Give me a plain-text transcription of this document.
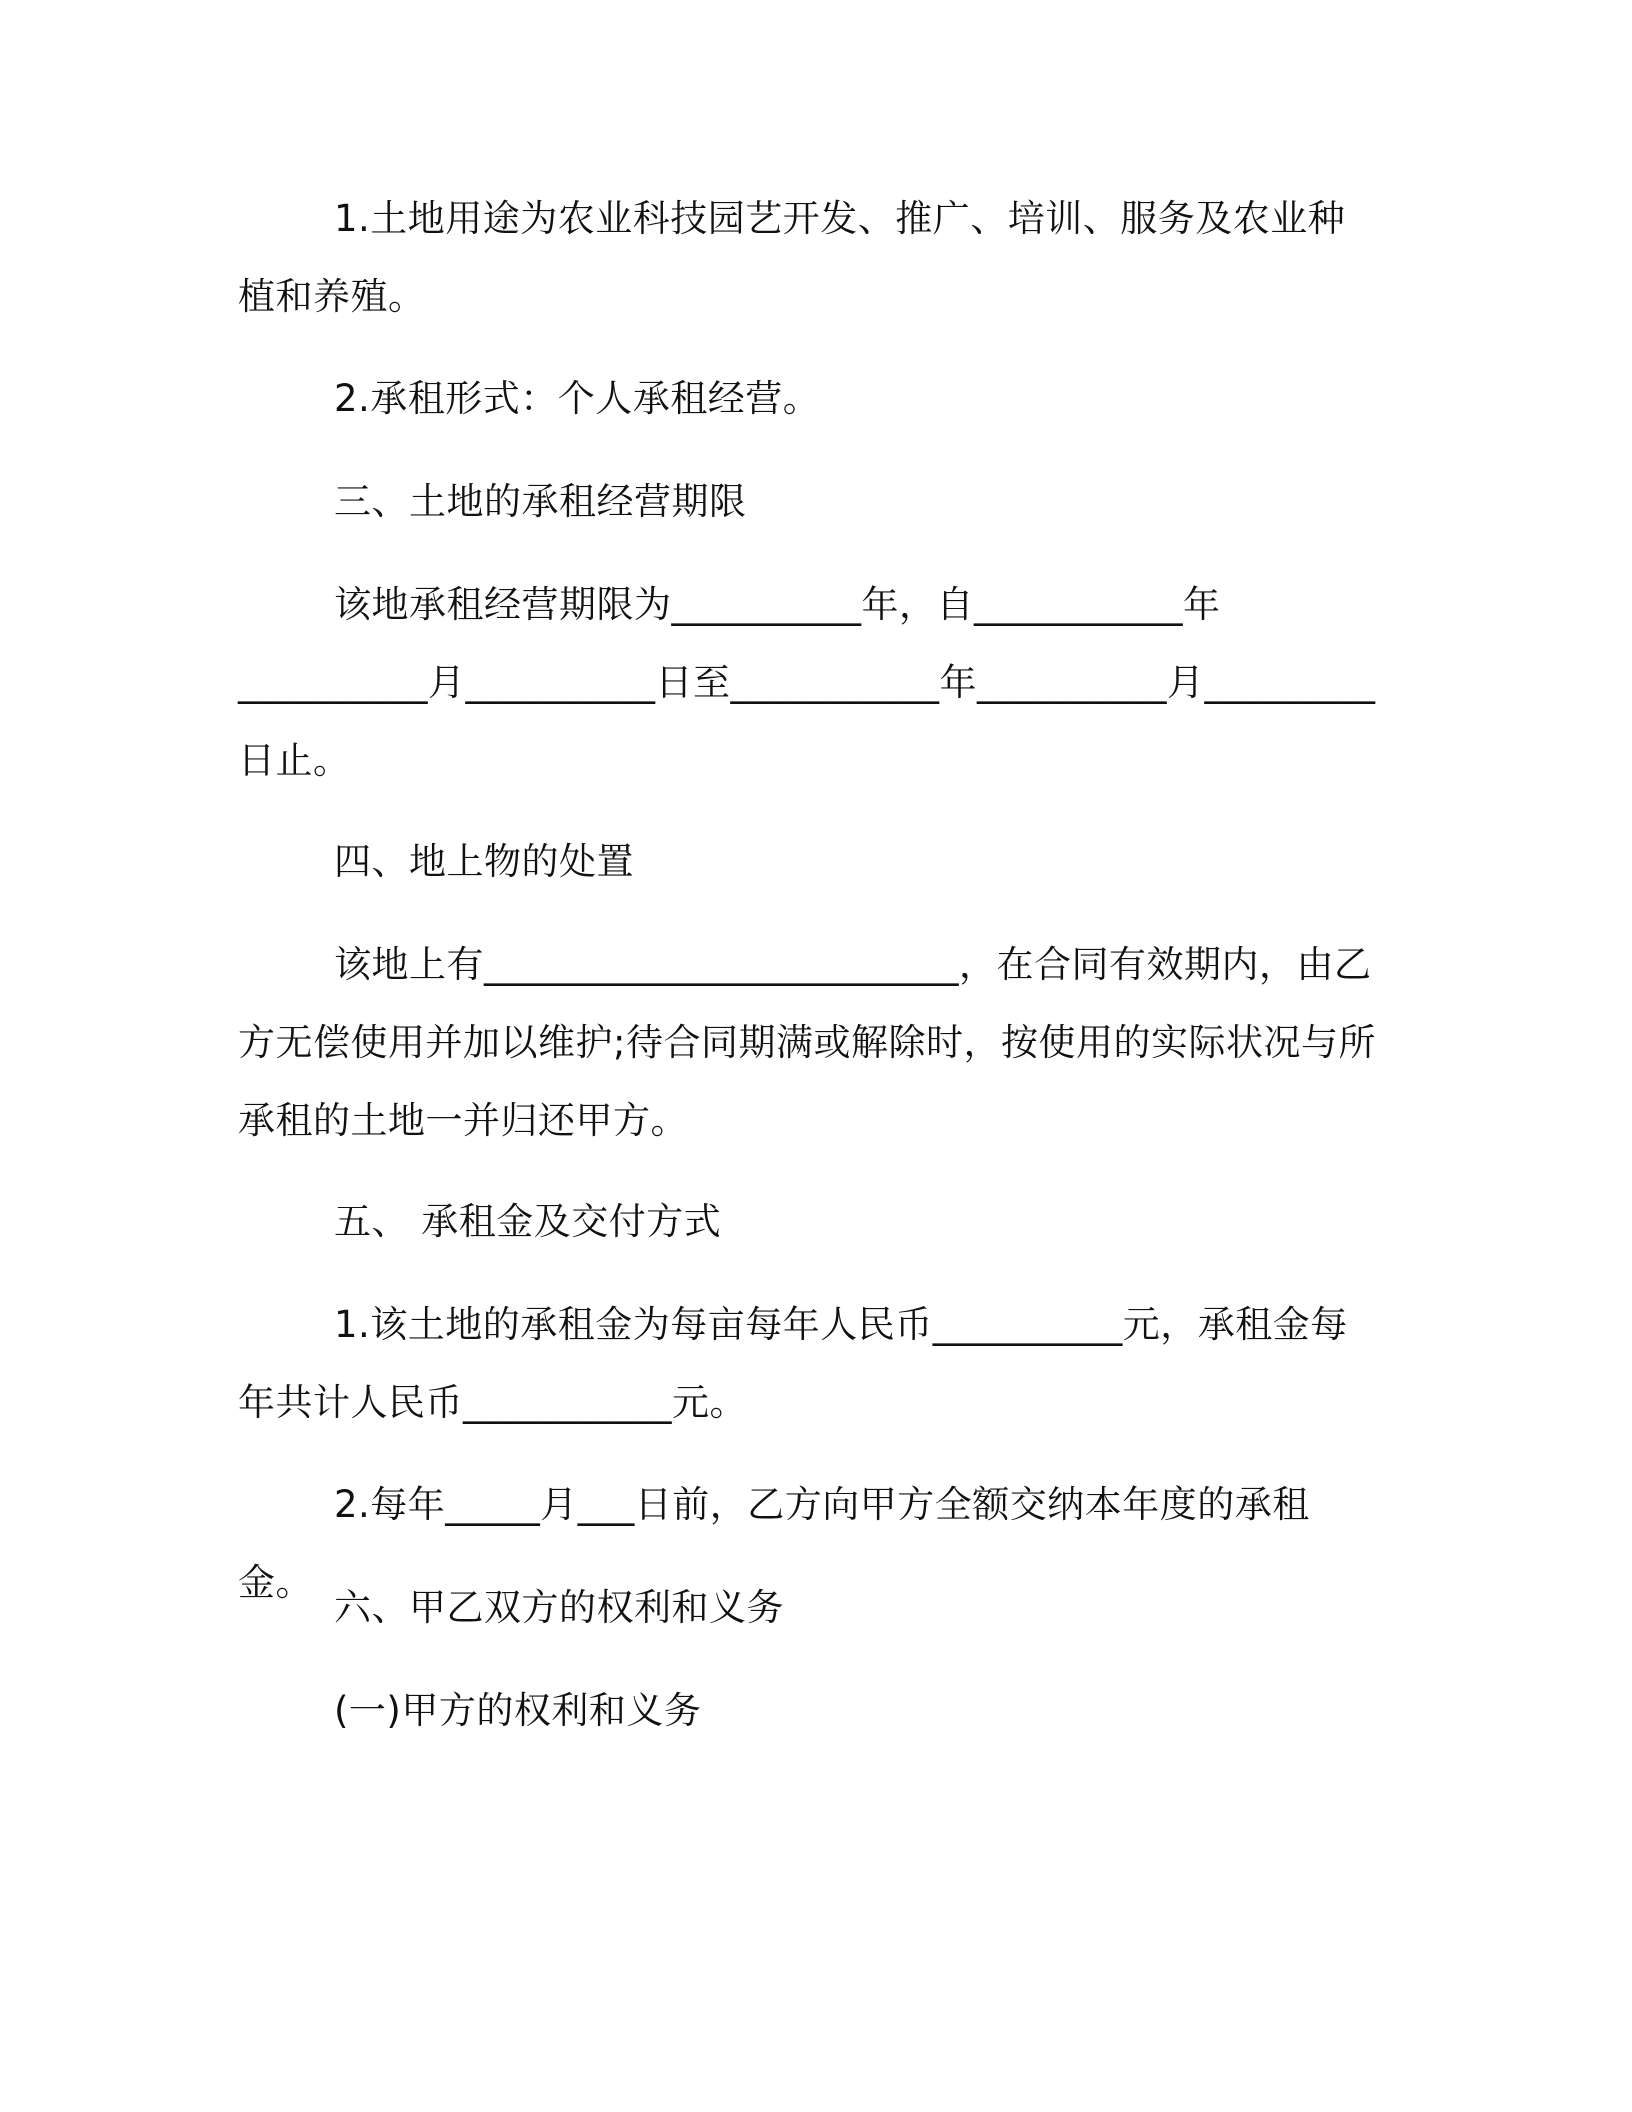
1.土地用途为农业科技园艺开发、推广、培训、服务及农业种植和养殖。
2.承租形式：个人承租经营。
三、土地的承租经营期限
该地承租经营期限为__________年，自___________年__________月__________日至___________年__________月_________日止。
四、地上物的处置
该地上有_________________________，在合同有效期内，由乙方无偿使用并加以维护;待合同期满或解除时，按使用的实际状况与所承租的土地一并归还甲方。
五、 承租金及交付方式
1.该土地的承租金为每亩每年人民币__________元，承租金每年共计人民币___________元。
2.每年_____月___日前，乙方向甲方全额交纳本年度的承租金。
六、甲乙双方的权利和义务
(一)甲方的权利和义务
